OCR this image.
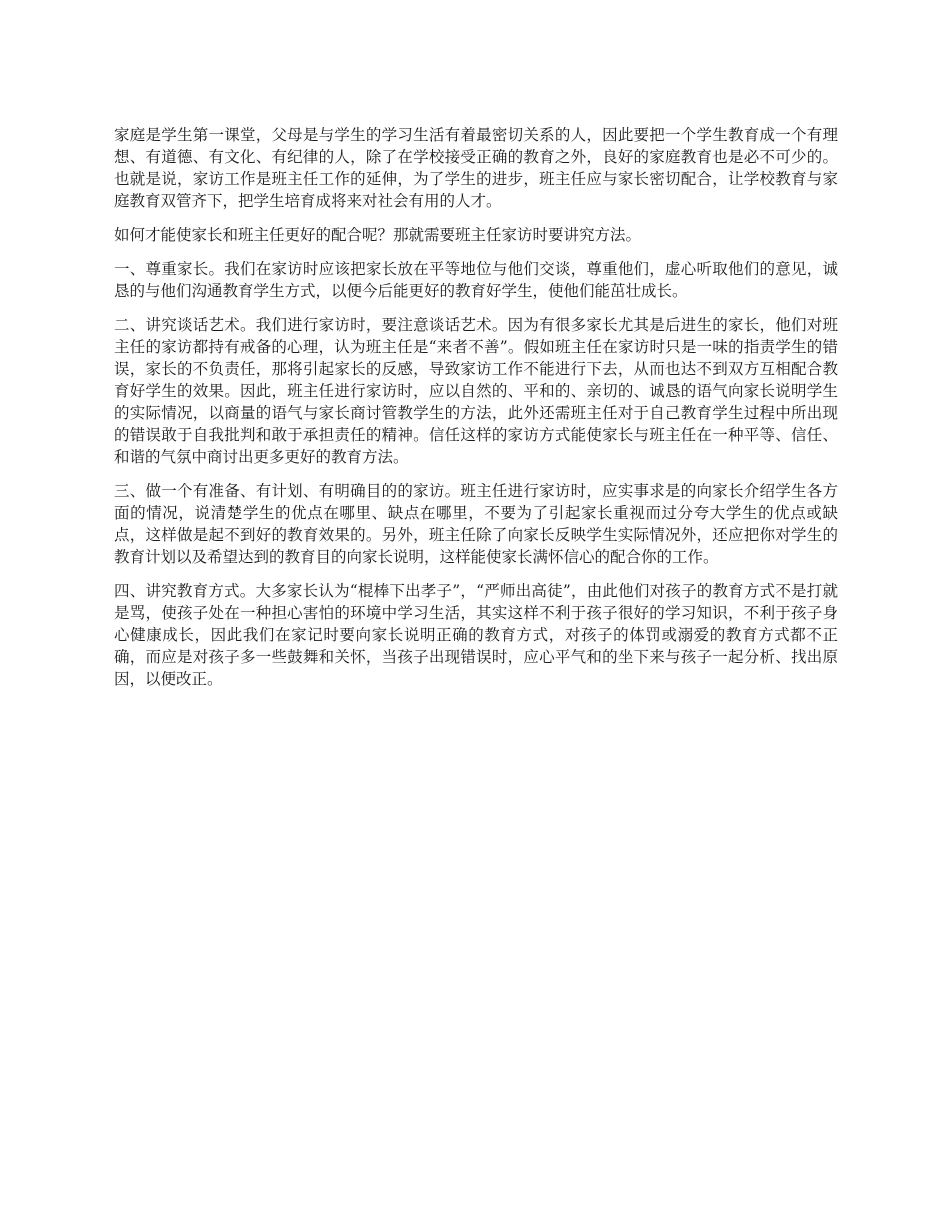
家庭是学生第一课堂，父母是与学生的学习生活有着最密切关系的人，因此要把一个学生教育成一个有理想、有道德、有文化、有纪律的人，除了在学校接受正确的教育之外，良好的家庭教育也是必不可少的。也就是说，家访工作是班主任工作的延伸，为了学生的进步，班主任应与家长密切配合，让学校教育与家庭教育双管齐下，把学生培育成将来对社会有用的人才。

如何才能使家长和班主任更好的配合呢？那就需要班主任家访时要讲究方法。

一、尊重家长。我们在家访时应该把家长放在平等地位与他们交谈，尊重他们，虚心听取他们的意见，诚恳的与他们沟通教育学生方式，以便今后能更好的教育好学生，使他们能茁壮成长。

二、讲究谈话艺术。我们进行家访时，要注意谈话艺术。因为有很多家长尤其是后进生的家长，他们对班主任的家访都持有戒备的心理，认为班主任是“来者不善”。假如班主任在家访时只是一味的指责学生的错误，家长的不负责任，那将引起家长的反感，导致家访工作不能进行下去，从而也达不到双方互相配合教育好学生的效果。因此，班主任进行家访时，应以自然的、平和的、亲切的、诚恳的语气向家长说明学生的实际情况，以商量的语气与家长商讨管教学生的方法，此外还需班主任对于自己教育学生过程中所出现的错误敢于自我批判和敢于承担责任的精神。信任这样的家访方式能使家长与班主任在一种平等、信任、和谐的气氛中商讨出更多更好的教育方法。

三、做一个有准备、有计划、有明确目的的家访。班主任进行家访时，应实事求是的向家长介绍学生各方面的情况，说清楚学生的优点在哪里、缺点在哪里，不要为了引起家长重视而过分夸大学生的优点或缺点，这样做是起不到好的教育效果的。另外，班主任除了向家长反映学生实际情况外，还应把你对学生的教育计划以及希望达到的教育目的向家长说明，这样能使家长满怀信心的配合你的工作。

四、讲究教育方式。大多家长认为“棍棒下出孝子”，“严师出高徒”，由此他们对孩子的教育方式不是打就是骂，使孩子处在一种担心害怕的环境中学习生活，其实这样不利于孩子很好的学习知识，不利于孩子身心健康成长，因此我们在家记时要向家长说明正确的教育方式，对孩子的体罚或溺爱的教育方式都不正确，而应是对孩子多一些鼓舞和关怀，当孩子出现错误时，应心平气和的坐下来与孩子一起分析、找出原因，以便改正。
